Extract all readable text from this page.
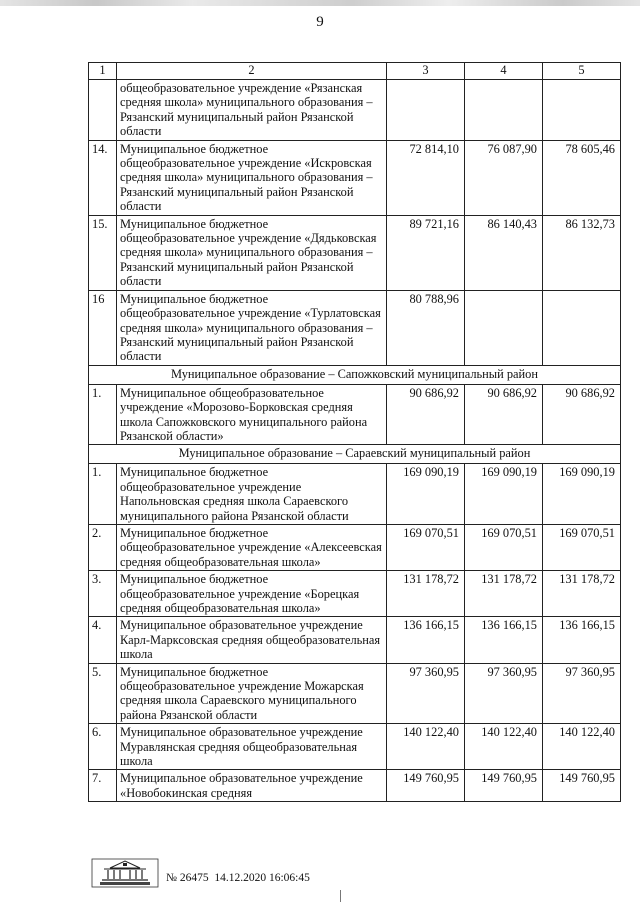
9
1	2	3	4	5
	общеобразовательное учреждение «Рязанская средняя школа» муниципального образования – Рязанский муниципальный район Рязанской области			
14.	Муниципальное бюджетное общеобразовательное учреждение «Искровская средняя школа» муниципального образования – Рязанский муниципальный район Рязанской области	72 814,10	76 087,90	78 605,46
15.	Муниципальное бюджетное общеобразовательное учреждение «Дядьковская средняя школа» муниципального образования – Рязанский муниципальный район Рязанской области	89 721,16	86 140,43	86 132,73
16	Муниципальное бюджетное общеобразовательное учреждение «Турлатовская средняя школа» муниципального образования – Рязанский муниципальный район Рязанской области	80 788,96		
Муниципальное образование – Сапожковский муниципальный район				
1.	Муниципальное общеобразовательное учреждение «Морозово-Борковская средняя школа Сапожковского муниципального района Рязанской области»	90 686,92	90 686,92	90 686,92
Муниципальное образование – Сараевский муниципальный район				
1.	Муниципальное бюджетное общеобразовательное учреждение Напольновская средняя школа Сараевского муниципального района Рязанской области	169 090,19	169 090,19	169 090,19
2.	Муниципальное бюджетное общеобразовательное учреждение «Алексеевская средняя общеобразовательная школа»	169 070,51	169 070,51	169 070,51
3.	Муниципальное бюджетное общеобразовательное учреждение «Борецкая средняя общеобразовательная школа»	131 178,72	131 178,72	131 178,72
4.	Муниципальное образовательное учреждение Карл-Марксовская средняя общеобразовательная школа	136 166,15	136 166,15	136 166,15
5.	Муниципальное бюджетное общеобразовательное учреждение Можарская средняя школа Сараевского муниципального района Рязанской области	97 360,95	97 360,95	97 360,95
6.	Муниципальное образовательное учреждение Муравлянская средняя общеобразовательная школа	140 122,40	140 122,40	140 122,40
7.	Муниципальное образовательное учреждение «Новобокинская средняя	149 760,95	149 760,95	149 760,95
№ 26475 14.12.2020 16:06:45
